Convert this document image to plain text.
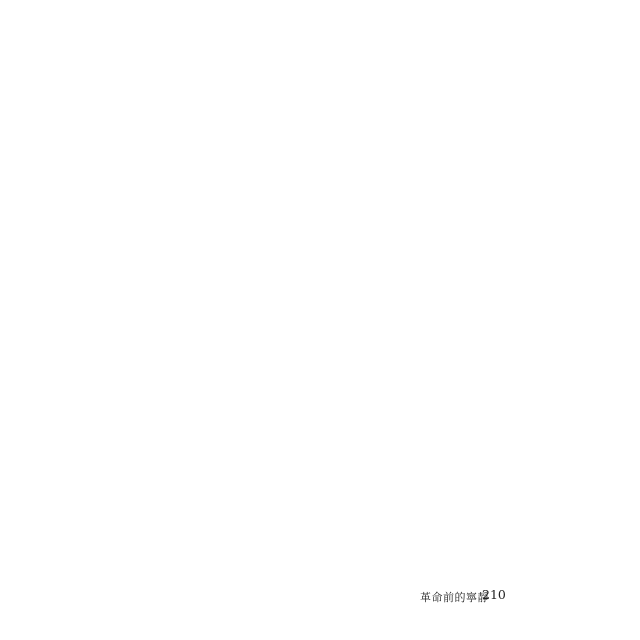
革命前的寧靜
210
